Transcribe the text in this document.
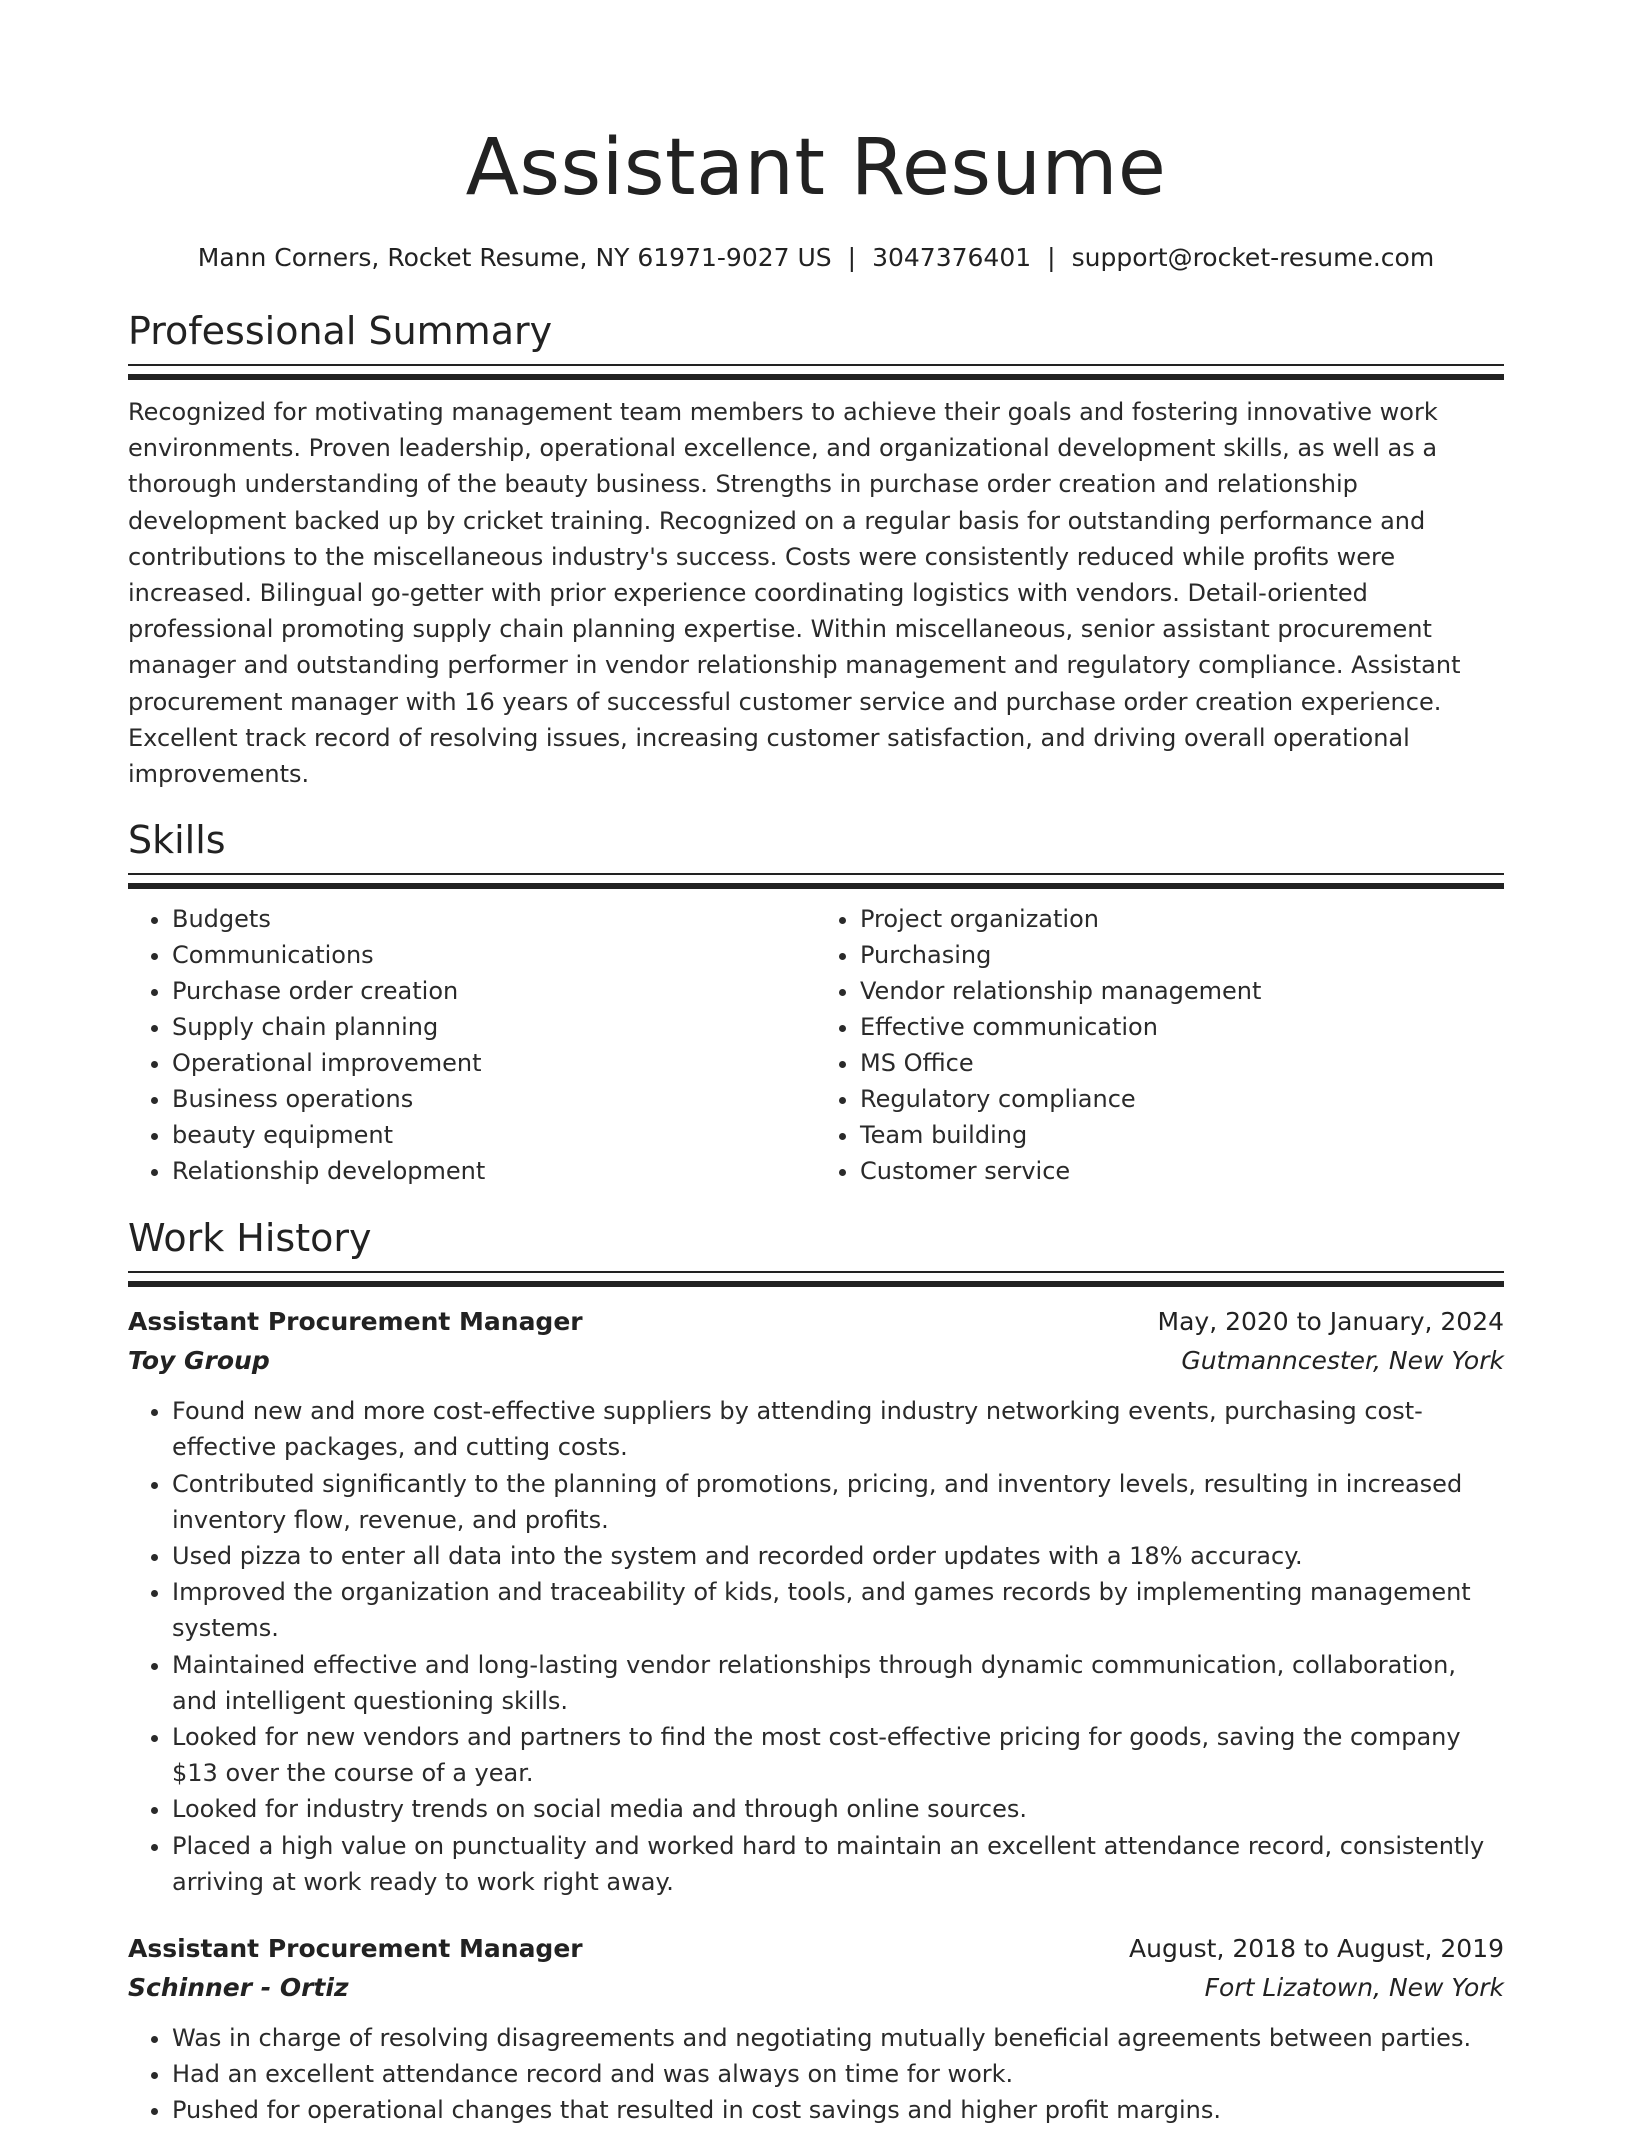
Assistant Resume
Mann Corners, Rocket Resume, NY 61971-9027 US | 3047376401 | support@rocket-resume.com
Professional Summary

Recognized for motivating management team members to achieve their goals and fostering innovative work environments. Proven leadership, operational excellence, and organizational development skills, as well as a thorough understanding of the beauty business. Strengths in purchase order creation and relationship development backed up by cricket training. Recognized on a regular basis for outstanding performance and contributions to the miscellaneous industry's success. Costs were consistently reduced while profits were increased. Bilingual go-getter with prior experience coordinating logistics with vendors. Detail-oriented professional promoting supply chain planning expertise. Within miscellaneous, senior assistant procurement manager and outstanding performer in vendor relationship management and regulatory compliance. Assistant procurement manager with 16 years of successful customer service and purchase order creation experience. Excellent track record of resolving issues, increasing customer satisfaction, and driving overall operational improvements.

Skills
• Budgets
• Communications
• Purchase order creation
• Supply chain planning
• Operational improvement
• Business operations
• beauty equipment
• Relationship development
• Project organization
• Purchasing
• Vendor relationship management
• Effective communication
• MS Office
• Regulatory compliance
• Team building
• Customer service
Work History
Assistant Procurement Manager	May, 2020 to January, 2024
Toy Group	Gutmanncester, New York
• Found new and more cost-effective suppliers by attending industry networking events, purchasing cost-effective packages, and cutting costs.
• Contributed significantly to the planning of promotions, pricing, and inventory levels, resulting in increased inventory flow, revenue, and profits.
• Used pizza to enter all data into the system and recorded order updates with a 18% accuracy.
• Improved the organization and traceability of kids, tools, and games records by implementing management systems.
• Maintained effective and long-lasting vendor relationships through dynamic communication, collaboration, and intelligent questioning skills.
• Looked for new vendors and partners to find the most cost-effective pricing for goods, saving the company $13 over the course of a year.
• Looked for industry trends on social media and through online sources.
• Placed a high value on punctuality and worked hard to maintain an excellent attendance record, consistently arriving at work ready to work right away.
Assistant Procurement Manager	August, 2018 to August, 2019
Schinner - Ortiz	Fort Lizatown, New York
• Was in charge of resolving disagreements and negotiating mutually beneficial agreements between parties.
• Had an excellent attendance record and was always on time for work.
• Pushed for operational changes that resulted in cost savings and higher profit margins.
